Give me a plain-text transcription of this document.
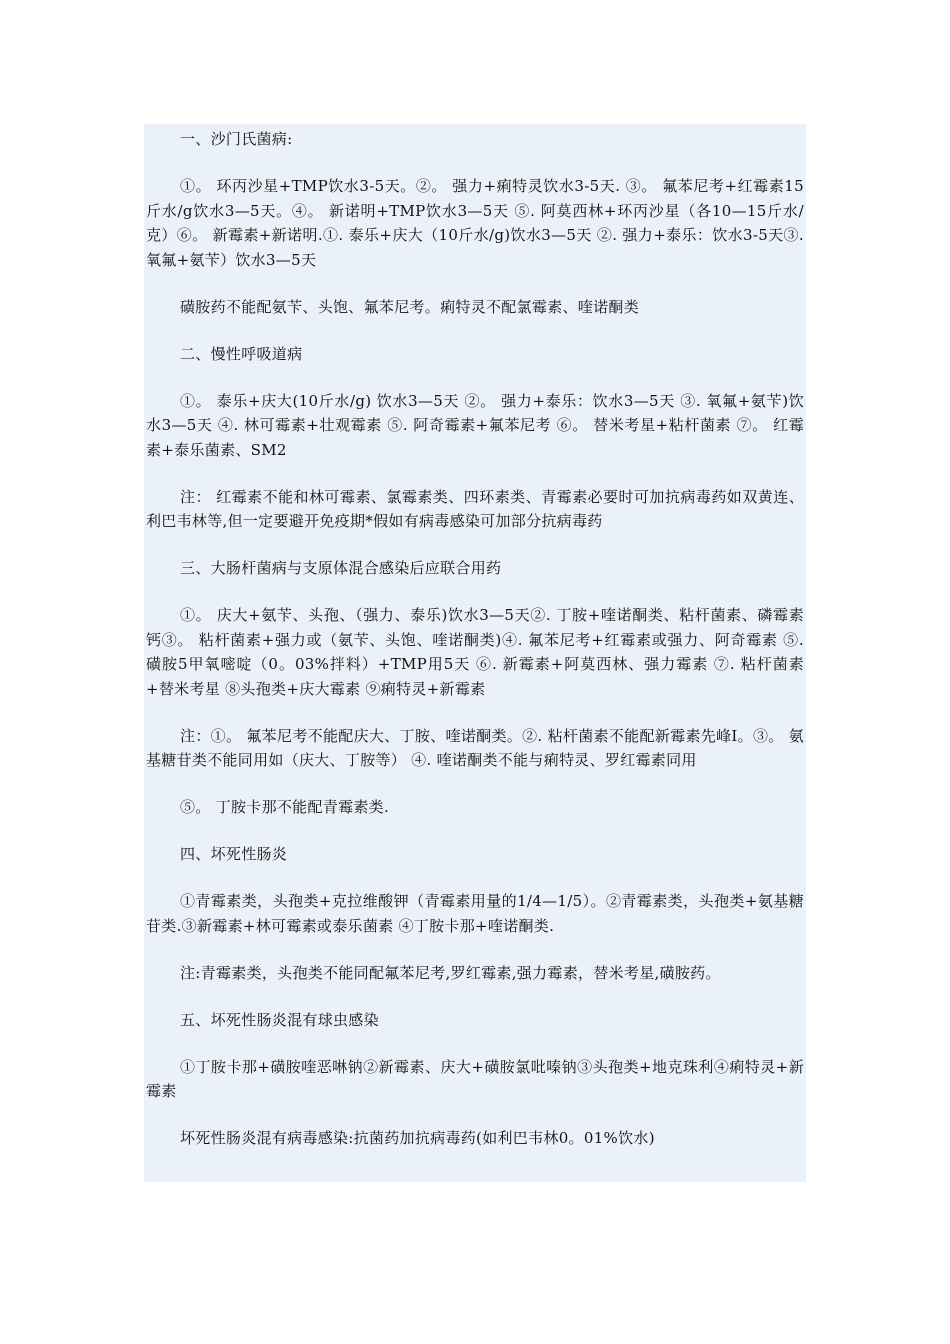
一、沙门氏菌病:

①。 环丙沙星+TMP饮水3-5天。②。 强力+痢特灵饮水3-5天. ③。 氟苯尼考+红霉素15斤水/g饮水3—5天。④。 新诺明+TMP饮水3—5天 ⑤. 阿莫西林+环丙沙星（各10—15斤水/克）⑥。 新霉素+新诺明.①. 泰乐+庆大（10斤水/g)饮水3—5天 ②. 强力+泰乐：饮水3-5天③. 氧氟+氨苄）饮水3—5天

磺胺药不能配氨苄、头饱、氟苯尼考。痢特灵不配氯霉素、喹诺酮类

二、慢性呼吸道病

①。 泰乐+庆大(10斤水/g) 饮水3—5天 ②。 强力+泰乐：饮水3—5天 ③. 氧氟+氨苄)饮水3—5天 ④. 林可霉素+壮观霉素 ⑤. 阿奇霉素+氟苯尼考 ⑥。 替米考星+粘杆菌素 ⑦。 红霉素+泰乐菌素、SM2

注： 红霉素不能和林可霉素、氯霉素类、四环素类、青霉素必要时可加抗病毒药如双黄连、利巴韦林等,但一定要避开免疫期*假如有病毒感染可加部分抗病毒药

三、大肠杆菌病与支原体混合感染后应联合用药

①。 庆大+氨苄、头孢、（强力、泰乐)饮水3—5天②. 丁胺+喹诺酮类、粘杆菌素、磷霉素钙③。 粘杆菌素+强力或（氨苄、头饱、喹诺酮类)④. 氟苯尼考+红霉素或强力、阿奇霉素 ⑤. 磺胺5甲氧嘧啶（0。03%拌料）+TMP用5天 ⑥. 新霉素+阿莫西林、强力霉素 ⑦. 粘杆菌素+替米考星 ⑧头孢类+庆大霉素 ⑨痢特灵+新霉素

注：①。 氟苯尼考不能配庆大、丁胺、喹诺酮类。②. 粘杆菌素不能配新霉素先峰Ⅰ。③。 氨基糖苷类不能同用如（庆大、丁胺等） ④. 喹诺酮类不能与痢特灵、罗红霉素同用

⑤。 丁胺卡那不能配青霉素类.

四、坏死性肠炎

①青霉素类，头孢类+克拉维酸钾（青霉素用量的1/4—1/5）。②青霉素类，头孢类+氨基糖苷类.③新霉素+林可霉素或泰乐菌素 ④丁胺卡那+喹诺酮类.

注:青霉素类，头孢类不能同配氟苯尼考,罗红霉素,强力霉素，替米考星,磺胺药。

五、坏死性肠炎混有球虫感染

①丁胺卡那+磺胺喹恶啉钠②新霉素、庆大+磺胺氯吡嗪钠③头孢类+地克珠利④痢特灵+新霉素

坏死性肠炎混有病毒感染:抗菌药加抗病毒药(如利巴韦林0。01%饮水)
